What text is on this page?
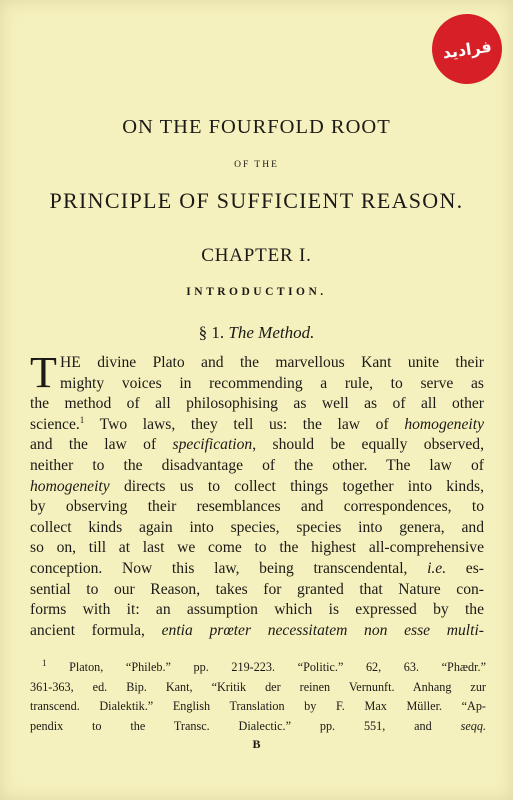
فرادید
ON THE FOURFOLD ROOT
OF THE
PRINCIPLE OF SUFFICIENT REASON.
CHAPTER I.
INTRODUCTION.
§ 1. The Method.
T HE divine Plato and the marvellous Kant unite their
mighty voices in recommending a rule, to serve as
the method of all philosophising as well as of all other
science.$^1$ Two laws, they tell us: the law of homogeneity
and the law of specification, should be equally observed,
neither to the disadvantage of the other. The law of
homogeneity directs us to collect things together into kinds,
by observing their resemblances and correspondences, to
collect kinds again into species, species into genera, and
so on, till at last we come to the highest all-comprehensive
conception. Now this law, being transcendental, i.e. es-
sential to our Reason, takes for granted that Nature con-
forms with it: an assumption which is expressed by the
ancient formula, entia prœter necessitatem non esse multi-
$^1$ Platon, “Phileb.” pp. 219-223. “Politic.” 62, 63. “Phædr.”
361-363, ed. Bip. Kant, “Kritik der reinen Vernunft. Anhang zur
transcend. Dialektik.” English Translation by F. Max Müller. “Ap-
pendix to the Transc. Dialectic.” pp. 551, and seqq.
B
